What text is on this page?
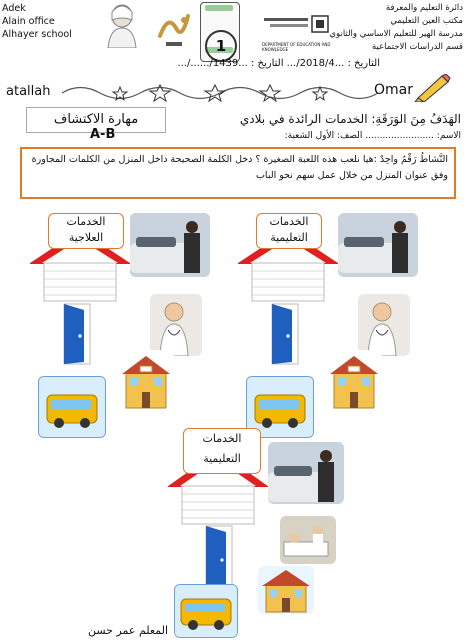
Adek
Alain office
Alhayer school
1	DEPARTMENT OF EDUCATION AND KNOWLEDGE
دائرة التعليم والمعرفة
مكتب العين التعليمي
مدرسة الهير للتعليم الاساسي والثانوي
قسم الدراسات الاجتماعية
التاريخ : ...2018/4/... التاريخ : ...1439/....../...
atallah	Omar
مهارة الاكتشاف	الهَدَفُ مِنَ الوَرَقَةِ: الخدمات الرائدة في بلادي
الاسم: ........................ الصف: الأول الشعبة:
A-B
النَّشاطُ رَقْمُ واحِدٌ :هيا نلعب هذه اللعبة الصغيرة ؟ دخل الكلمة الصحيحة داخل المنزل من الكلمات المجاورة وفق عنوان المنزل من خلال عمل سهم نحو الباب
الخدمات العلاجية
الخدمات التعليمية
الخدمات التعليمية
المعلم عمر حسن
